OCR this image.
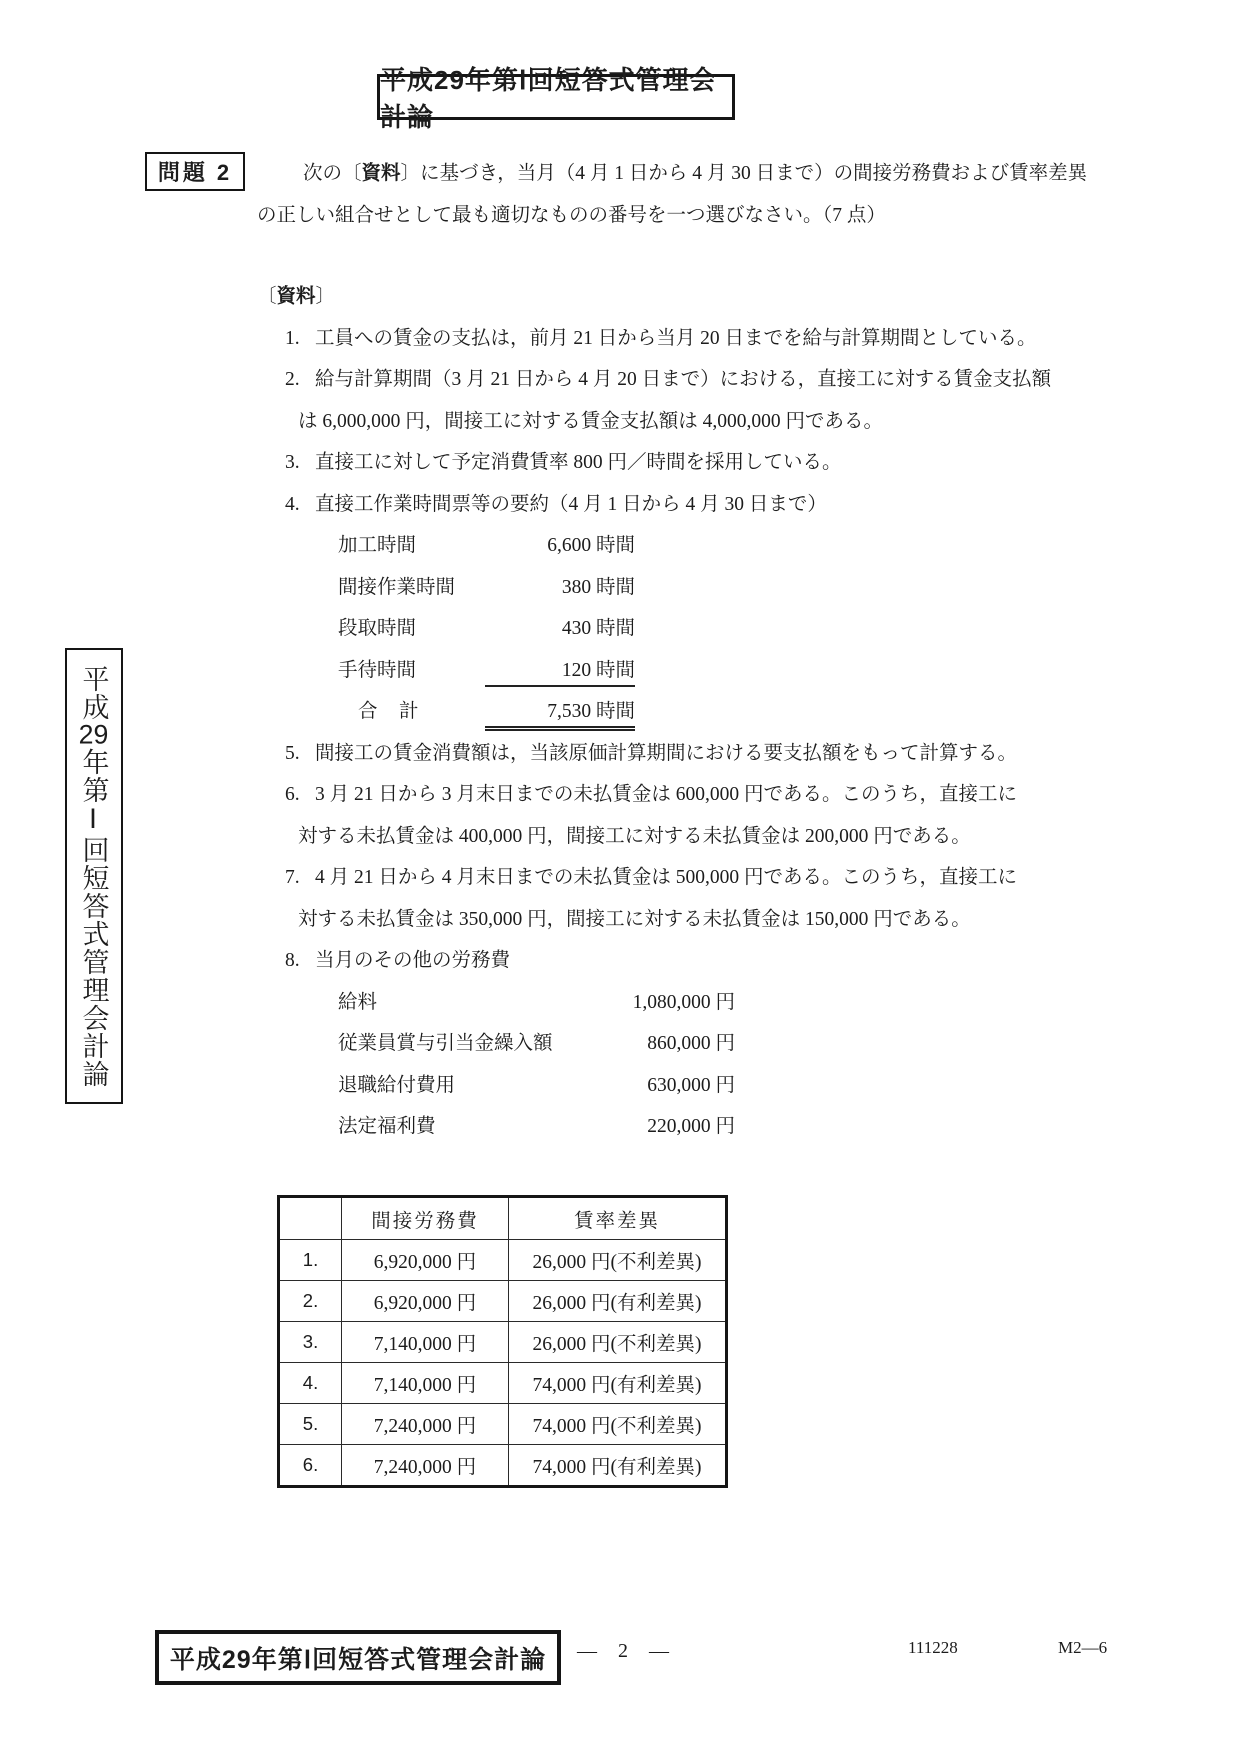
平成29年第Ⅰ回短答式管理会計論
問題 2	次の〔資料〕に基づき，当月（4 月 1 日から 4 月 30 日まで）の間接労務費および賃率差異
の正しい組合せとして最も適切なものの番号を一つ選びなさい。（7 点）
〔資料〕
1. 工員への賃金の支払は，前月 21 日から当月 20 日までを給与計算期間としている。
2. 給与計算期間（3 月 21 日から 4 月 20 日まで）における，直接工に対する賃金支払額
は 6,000,000 円，間接工に対する賃金支払額は 4,000,000 円である。
3. 直接工に対して予定消費賃率 800 円／時間を採用している。
4. 直接工作業時間票等の要約（4 月 1 日から 4 月 30 日まで）
加工時間	6,600 時間
間接作業時間	380 時間
段取時間	430 時間
手待時間	120 時間
合　計	7,530 時間
5. 間接工の賃金消費額は，当該原価計算期間における要支払額をもって計算する。
6. 3 月 21 日から 3 月末日までの未払賃金は 600,000 円である。このうち，直接工に
対する未払賃金は 400,000 円，間接工に対する未払賃金は 200,000 円である。
7. 4 月 21 日から 4 月末日までの未払賃金は 500,000 円である。このうち，直接工に
対する未払賃金は 350,000 円，間接工に対する未払賃金は 150,000 円である。
8. 当月のその他の労務費
給料	1,080,000 円
従業員賞与引当金繰入額	860,000 円
退職給付費用	630,000 円
法定福利費	220,000 円
	間接労務費	賃率差異
1.	6,920,000 円	26,000 円(不利差異)
2.	6,920,000 円	26,000 円(有利差異)
3.	7,140,000 円	26,000 円(不利差異)
4.	7,140,000 円	74,000 円(有利差異)
5.	7,240,000 円	74,000 円(不利差異)
6.	7,240,000 円	74,000 円(有利差異)
平成29年第Ⅰ回短答式管理会計論
平成29年第Ⅰ回短答式管理会計論 — 2 —	111228	M2—6
